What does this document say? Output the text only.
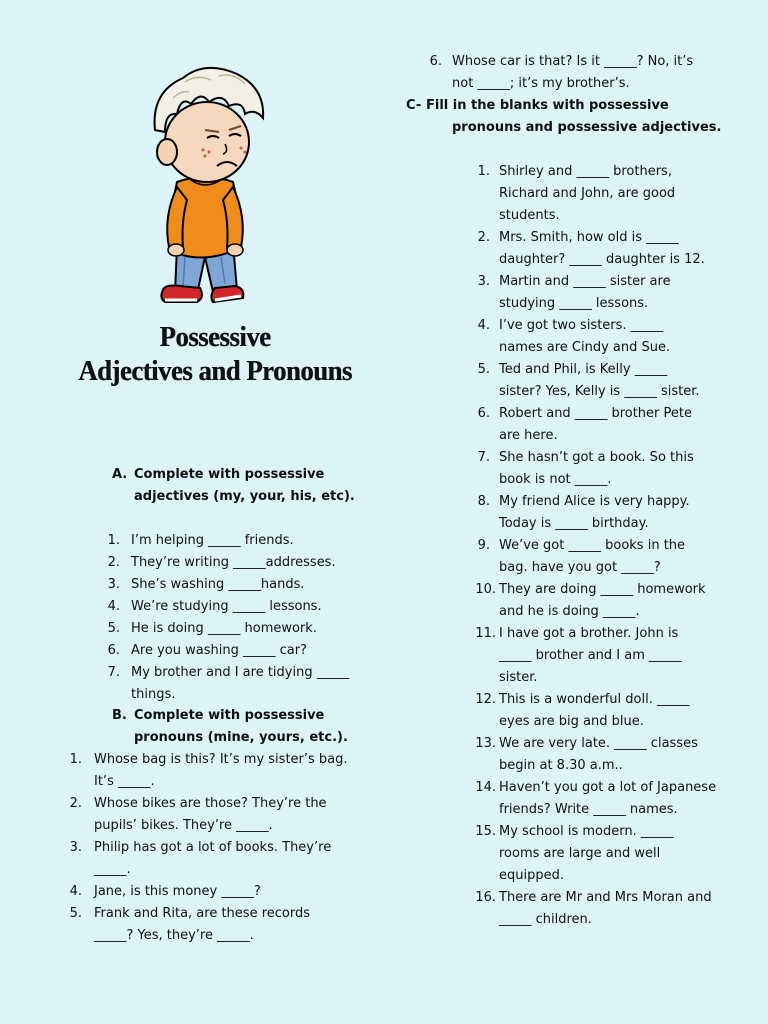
Possessive
Adjectives and Pronouns
A. Complete with possessive
adjectives (my, your, his, etc).
1. I’m helping _____ friends.
2. They’re writing _____addresses.
3. She’s washing _____hands.
4. We’re studying _____ lessons.
5. He is doing _____ homework.
6. Are you washing _____ car?
7. My brother and I are tidying _____
things.
B. Complete with possessive
pronouns (mine, yours, etc.).
1. Whose bag is this? It’s my sister’s bag.
It’s _____.
2. Whose bikes are those? They’re the
pupils’ bikes. They’re _____.
3. Philip has got a lot of books. They’re
_____.
4. Jane, is this money _____?
5. Frank and Rita, are these records
_____? Yes, they’re _____.
6. Whose car is that? Is it _____? No, it’s
not _____; it’s my brother’s.
C- Fill in the blanks with possessive
pronouns and possessive adjectives.
1. Shirley and _____ brothers,
Richard and John, are good
students.
2. Mrs. Smith, how old is _____
daughter? _____ daughter is 12.
3. Martin and _____ sister are
studying _____ lessons.
4. I’ve got two sisters. _____
names are Cindy and Sue.
5. Ted and Phil, is Kelly _____
sister? Yes, Kelly is _____ sister.
6. Robert and _____ brother Pete
are here.
7. She hasn’t got a book. So this
book is not _____.
8. My friend Alice is very happy.
Today is _____ birthday.
9. We’ve got _____ books in the
bag. have you got _____?
10. They are doing _____ homework
and he is doing _____.
11. I have got a brother. John is
_____ brother and I am _____
sister.
12. This is a wonderful doll. _____
eyes are big and blue.
13. We are very late. _____ classes
begin at 8.30 a.m..
14. Haven’t you got a lot of Japanese
friends? Write _____ names.
15. My school is modern. _____
rooms are large and well
equipped.
16. There are Mr and Mrs Moran and
_____ children.
